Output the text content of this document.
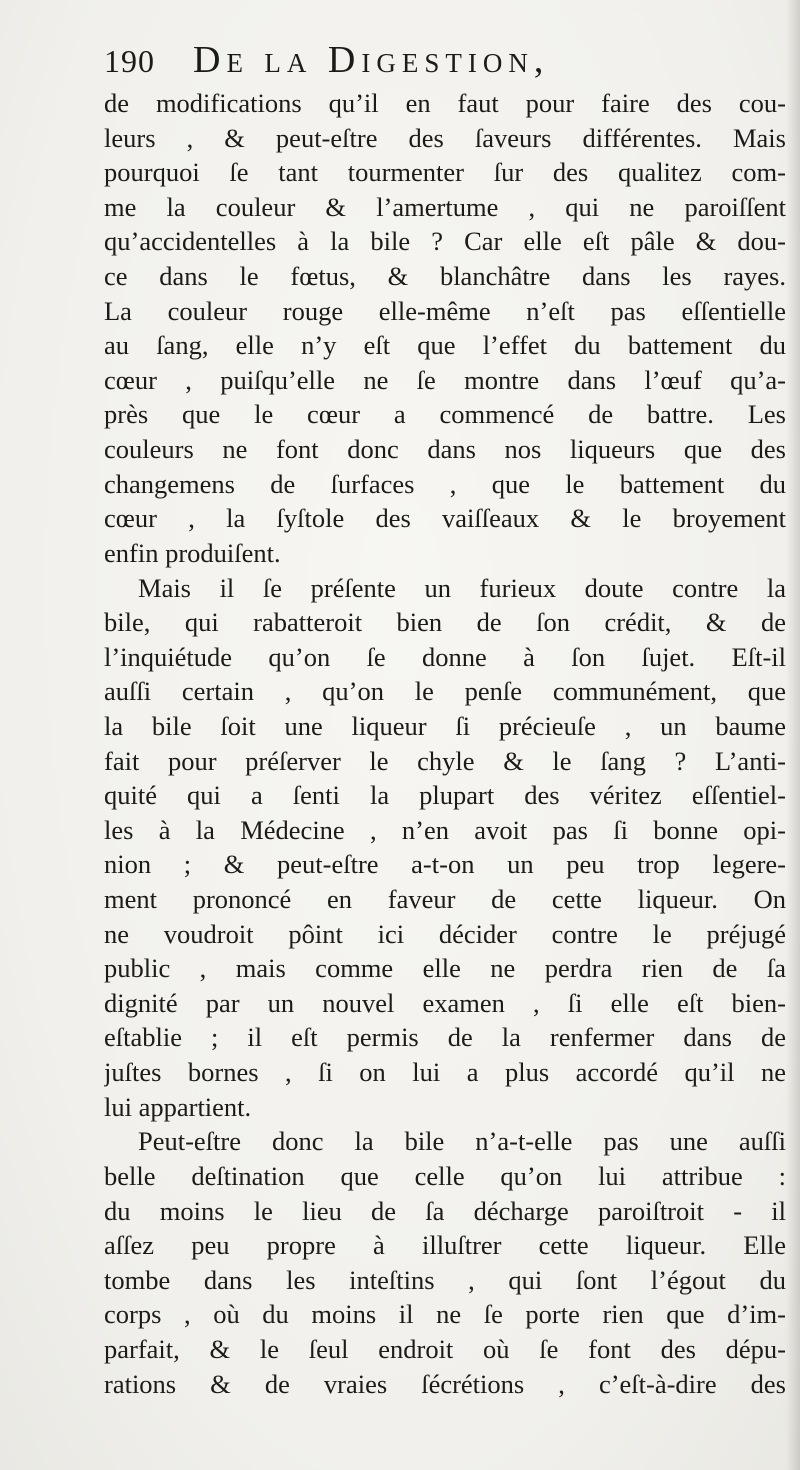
190 De la Digestion,
de modifications qu’il en faut pour faire des cou-
leurs , & peut-eſtre des ſaveurs différentes. Mais
pourquoi ſe tant tourmenter ſur des qualitez com-
me la couleur & l’amertume , qui ne paroiſſent
qu’accidentelles à la bile ? Car elle eſt pâle & dou-
ce dans le fœtus, & blanchâtre dans les rayes.
La couleur rouge elle-même n’eſt pas eſſentielle
au ſang, elle n’y eſt que l’effet du battement du
cœur , puiſqu’elle ne ſe montre dans l’œuf qu’a-
près que le cœur a commencé de battre. Les
couleurs ne font donc dans nos liqueurs que des
changemens de ſurfaces , que le battement du
cœur , la ſyſtole des vaiſſeaux & le broyement
enfin produiſent.
Mais il ſe préſente un furieux doute contre la
bile, qui rabatteroit bien de ſon crédit, & de
l’inquiétude qu’on ſe donne à ſon ſujet. Eſt-il
auſſi certain , qu’on le penſe communément, que
la bile ſoit une liqueur ſi précieuſe , un baume
fait pour préſerver le chyle & le ſang ? L’anti-
quité qui a ſenti la plupart des véritez eſſentiel-
les à la Médecine , n’en avoit pas ſi bonne opi-
nion ; & peut-eſtre a-t-on un peu trop legere-
ment prononcé en faveur de cette liqueur. On
ne voudroit pôint ici décider contre le préjugé
public , mais comme elle ne perdra rien de ſa
dignité par un nouvel examen , ſi elle eſt bien-
eſtablie ; il eſt permis de la renfermer dans de
juſtes bornes , ſi on lui a plus accordé qu’il ne
lui appartient.
Peut-eſtre donc la bile n’a-t-elle pas une auſſi
belle deſtination que celle qu’on lui attribue :
du moins le lieu de ſa décharge paroiſtroit - il
aſſez peu propre à illuſtrer cette liqueur. Elle
tombe dans les inteſtins , qui ſont l’égout du
corps , où du moins il ne ſe porte rien que d’im-
parfait, & le ſeul endroit où ſe font des dépu-
rations & de vraies ſécrétions , c’eſt-à-dire des
